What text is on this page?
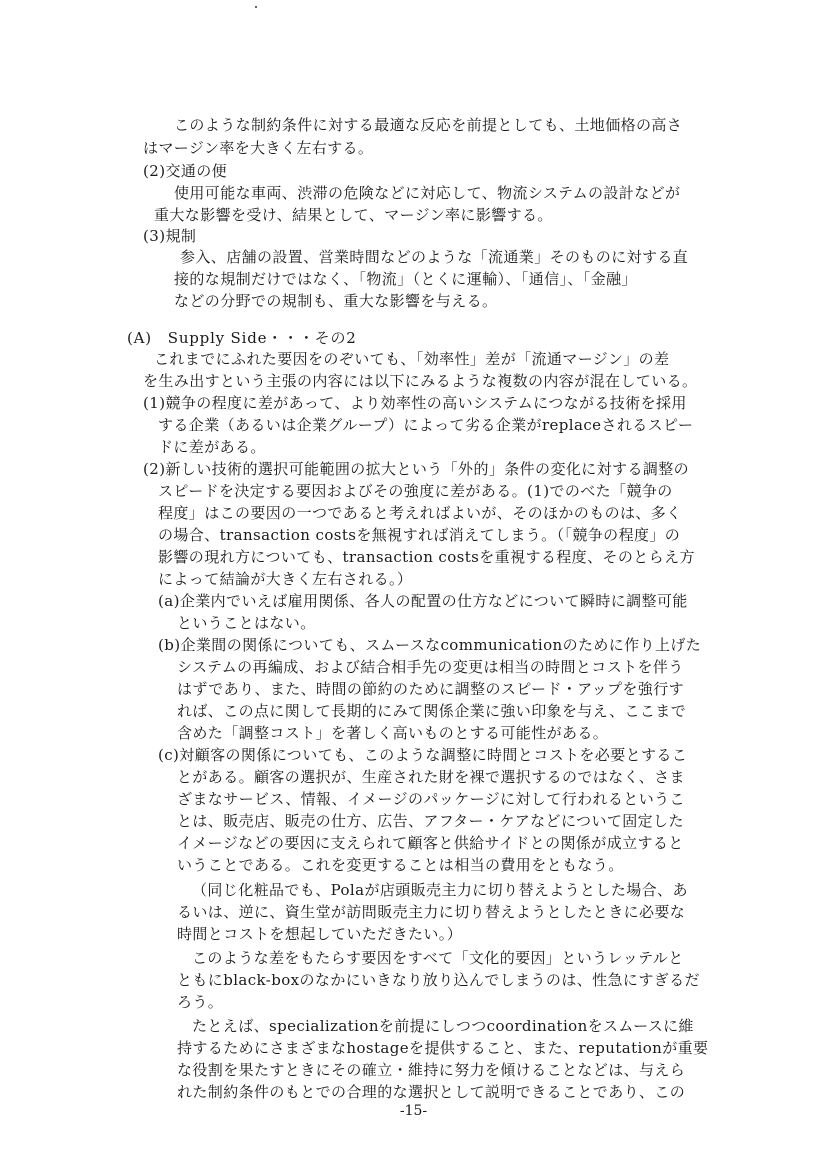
このような制約条件に対する最適な反応を前提としても、土地価格の高さ
はマージン率を大きく左右する。
(2)交通の便
使用可能な車両、渋滞の危険などに対応して、物流システムの設計などが
重大な影響を受け、結果として、マージン率に影響する。
(3)規制
参入、店舗の設置、営業時間などのような「流通業」そのものに対する直
接的な規制だけではなく、「物流」（とくに運輸）、「通信」、「金融」
などの分野での規制も、重大な影響を与える。
(A)　Supply Side・・・その2
これまでにふれた要因をのぞいても、「効率性」差が「流通マージン」の差
を生み出すという主張の内容には以下にみるような複数の内容が混在している。
(1)競争の程度に差があって、より効率性の高いシステムにつながる技術を採用
する企業（あるいは企業グループ）によって劣る企業がreplaceされるスピー
ドに差がある。
(2)新しい技術的選択可能範囲の拡大という「外的」条件の変化に対する調整の
スピードを決定する要因およびその強度に差がある。(1)でのべた「競争の
程度」はこの要因の一つであると考えればよいが、そのほかのものは、多く
の場合、transaction costsを無視すれば消えてしまう。（「競争の程度」の
影響の現れ方についても、transaction costsを重視する程度、そのとらえ方
によって結論が大きく左右される。）
(a)企業内でいえば雇用関係、各人の配置の仕方などについて瞬時に調整可能
ということはない。
(b)企業間の関係についても、スムースなcommunicationのために作り上げた
システムの再編成、および結合相手先の変更は相当の時間とコストを伴う
はずであり、また、時間の節約のために調整のスピード・アップを強行す
れば、この点に関して長期的にみて関係企業に強い印象を与え、ここまで
含めた「調整コスト」を著しく高いものとする可能性がある。
(c)対顧客の関係についても、このような調整に時間とコストを必要とするこ
とがある。顧客の選択が、生産された財を裸で選択するのではなく、さま
ざまなサービス、情報、イメージのパッケージに対して行われるというこ
とは、販売店、販売の仕方、広告、アフター・ケアなどについて固定した
イメージなどの要因に支えられて顧客と供給サイドとの関係が成立すると
いうことである。これを変更することは相当の費用をともなう。
（同じ化粧品でも、Polaが店頭販売主力に切り替えようとした場合、あ
るいは、逆に、資生堂が訪問販売主力に切り替えようとしたときに必要な
時間とコストを想起していただきたい。）
このような差をもたらす要因をすべて「文化的要因」というレッテルと
ともにblack-boxのなかにいきなり放り込んでしまうのは、性急にすぎるだ
ろう。
たとえば、specializationを前提にしつつcoordinationをスムースに維
持するためにさまざまなhostageを提供すること、また、reputationが重要
な役割を果たすときにその確立・維持に努力を傾けることなどは、与えら
れた制約条件のもとでの合理的な選択として説明できることであり、この
-15-
